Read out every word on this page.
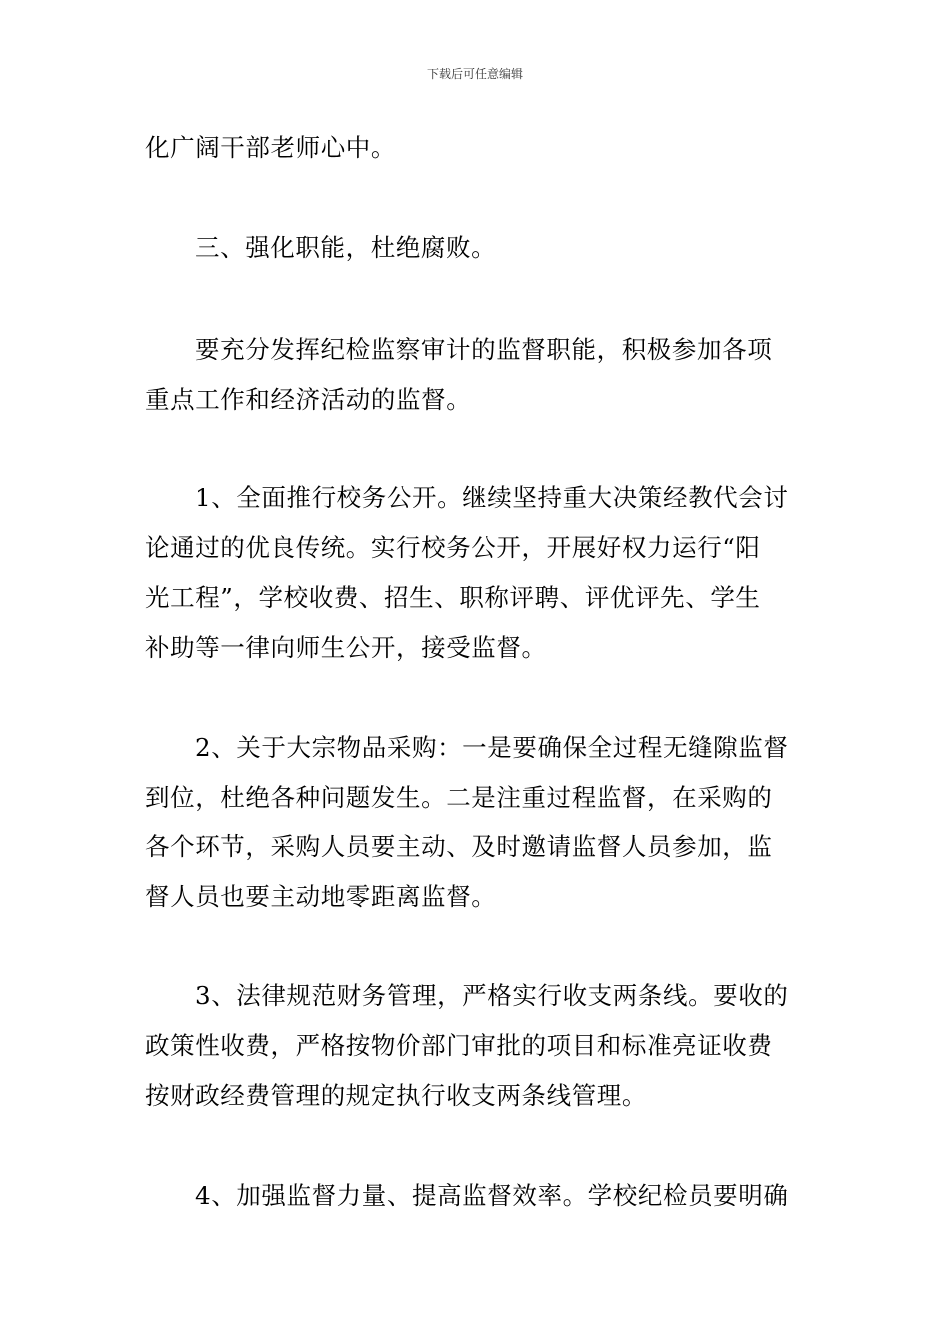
下载后可任意编辑
化广阔干部老师心中。
三、强化职能，杜绝腐败。
要充分发挥纪检监察审计的监督职能，积极参加各项
重点工作和经济活动的监督。
1、全面推行校务公开。继续坚持重大决策经教代会讨
论通过的优良传统。实行校务公开，开展好权力运行“阳
光工程”，学校收费、招生、职称评聘、评优评先、学生
补助等一律向师生公开，接受监督。
2、关于大宗物品采购：一是要确保全过程无缝隙监督
到位，杜绝各种问题发生。二是注重过程监督，在采购的
各个环节，采购人员要主动、及时邀请监督人员参加，监
督人员也要主动地零距离监督。
3、法律规范财务管理，严格实行收支两条线。要收的
政策性收费，严格按物价部门审批的项目和标准亮证收费
按财政经费管理的规定执行收支两条线管理。
4、加强监督力量、提高监督效率。学校纪检员要明确
